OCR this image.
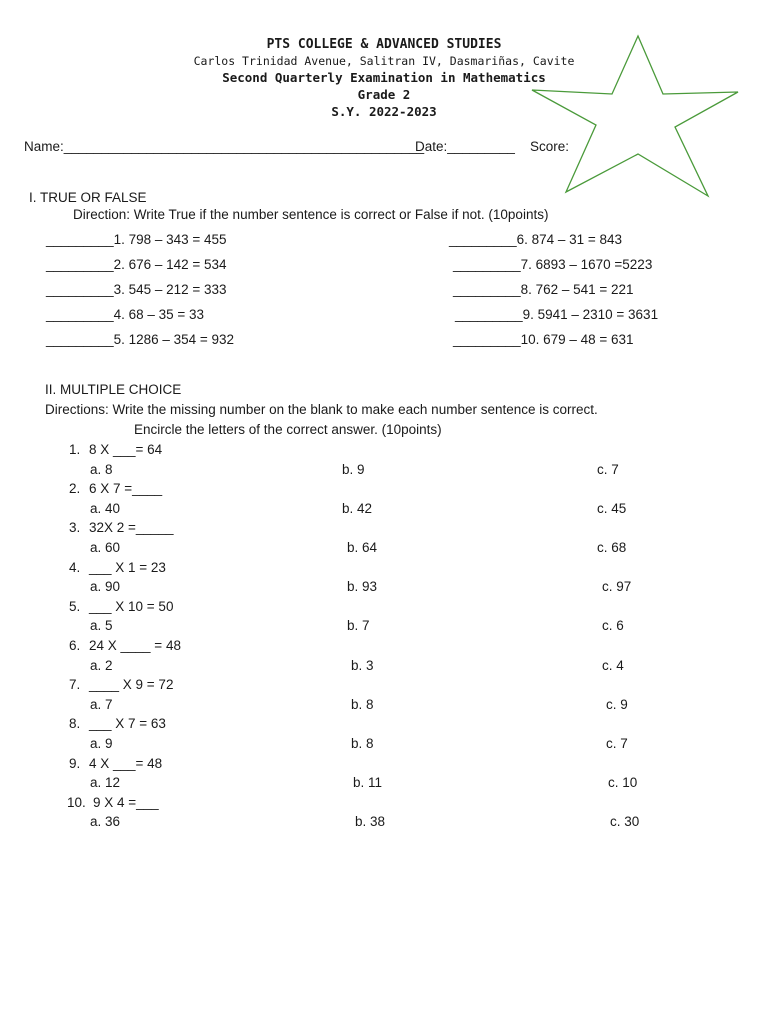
PTS COLLEGE & ADVANCED STUDIES
Carlos Trinidad Avenue, Salitran IV, Dasmariñas, Cavite
Second Quarterly Examination in Mathematics
Grade 2
S.Y. 2022-2023
Name:________________________________________________
Date:_________ Score:
I. TRUE OR FALSE
Direction: Write True if the number sentence is correct or False if not. (10points)
_________1. 798 – 343 = 455
_________2. 676 – 142 = 534
_________3. 545 – 212 = 333
_________4. 68 – 35 = 33
_________5. 1286 – 354 = 932
_________6. 874 – 31 = 843
_________7. 6893 – 1670 =5223
_________8. 762 – 541 = 221
_________9. 5941 – 2310 = 3631
_________10. 679 – 48 = 631
II. MULTIPLE CHOICE
Directions: Write the missing number on the blank to make each number sentence is correct.
Encircle the letters of the correct answer. (10points)
1. 8 X ___= 64
a. 8	b. 9	c. 7
2. 6 X 7 =____
a. 40	b. 42	c. 45
3. 32X 2 =_____
a. 60	b. 64	c. 68
4. ___ X 1 = 23
a. 90	b. 93	c. 97
5. ___ X 10 = 50
a. 5	b. 7	c. 6
6. 24 X ____ = 48
a. 2	b. 3	c. 4
7. ____ X 9 = 72
a. 7	b. 8	c. 9
8. ___ X 7 = 63
a. 9	b. 8	c. 7
9. 4 X ___= 48
a. 12	b. 11	c. 10
10. 9 X 4 =___
a. 36	b. 38	c. 30
